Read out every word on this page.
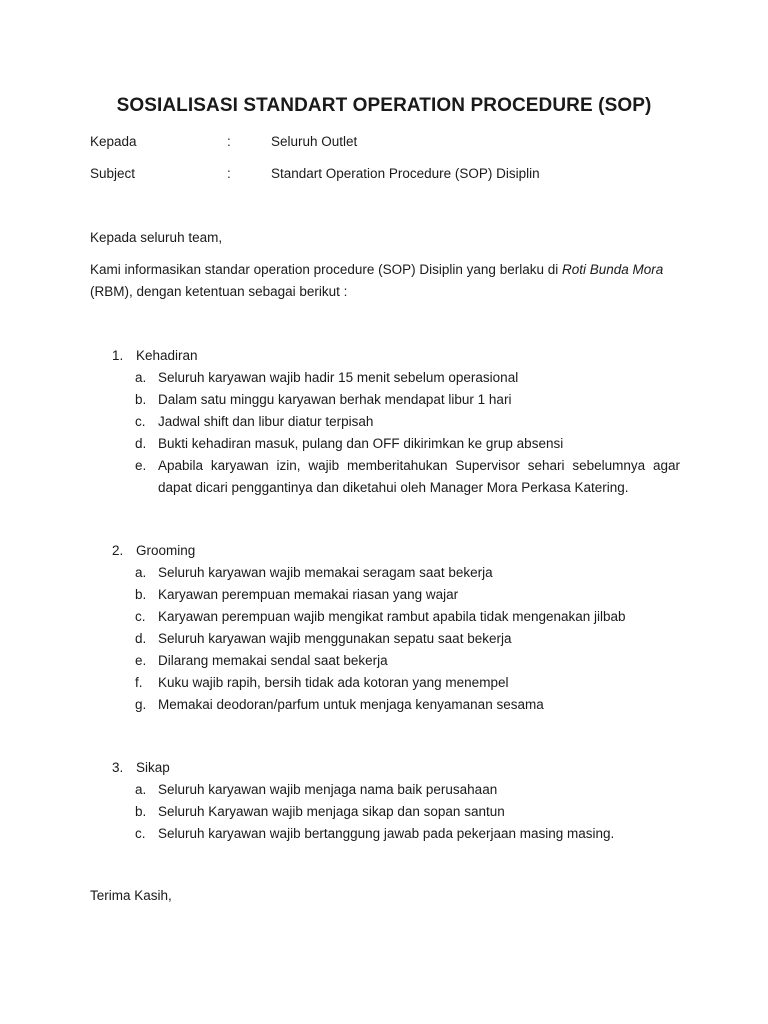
SOSIALISASI STANDART OPERATION PROCEDURE (SOP)
Kepada	:	Seluruh Outlet
Subject	:	Standart Operation Procedure (SOP) Disiplin
Kepada seluruh team,
Kami informasikan standar operation procedure (SOP) Disiplin yang berlaku di Roti Bunda Mora (RBM), dengan ketentuan sebagai berikut :
1. Kehadiran
a. Seluruh karyawan wajib hadir 15 menit sebelum operasional
b. Dalam satu minggu karyawan berhak mendapat libur 1 hari
c. Jadwal shift dan libur diatur terpisah
d. Bukti kehadiran masuk, pulang dan OFF dikirimkan ke grup absensi
e. Apabila karyawan izin, wajib memberitahukan Supervisor sehari sebelumnya agar dapat dicari penggantinya dan diketahui oleh Manager Mora Perkasa Katering.
2. Grooming
a. Seluruh karyawan wajib memakai seragam saat bekerja
b. Karyawan perempuan memakai riasan yang wajar
c. Karyawan perempuan wajib mengikat rambut apabila tidak mengenakan jilbab
d. Seluruh karyawan wajib menggunakan sepatu saat bekerja
e. Dilarang memakai sendal saat bekerja
f. Kuku wajib rapih, bersih tidak ada kotoran yang menempel
g. Memakai deodoran/parfum untuk menjaga kenyamanan sesama
3. Sikap
a. Seluruh karyawan wajib menjaga nama baik perusahaan
b. Seluruh Karyawan wajib menjaga sikap dan sopan santun
c. Seluruh karyawan wajib bertanggung jawab pada pekerjaan masing masing.
Terima Kasih,
